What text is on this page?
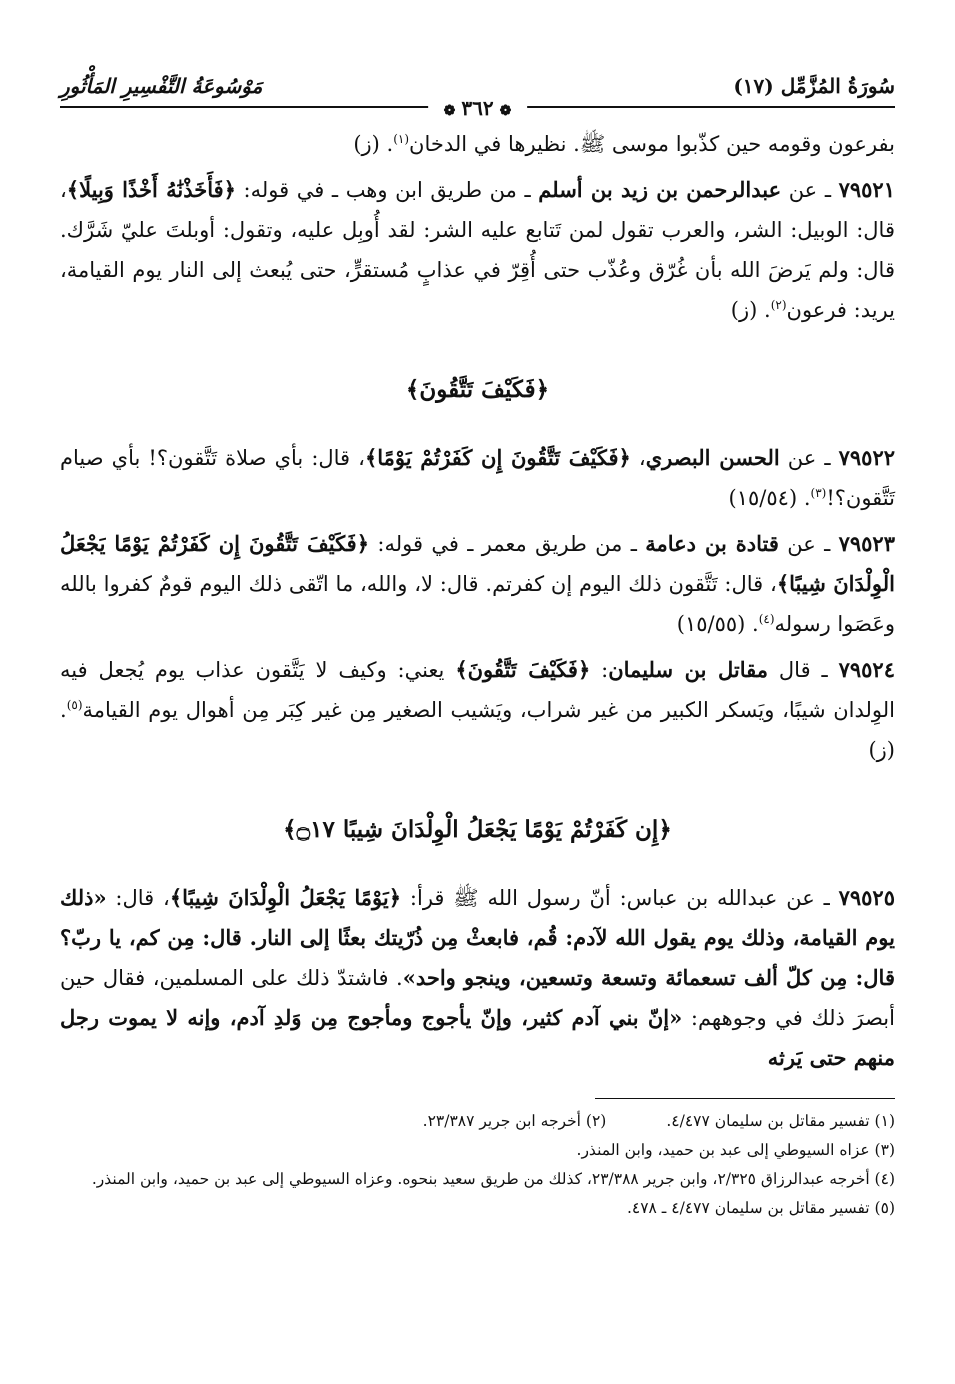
سُورَةُ المُزَّمِّل (١٧)
مَوْسُوعَةُ التَّفْسِيرِ المَأْثُورِ
❁٣٦٢❁

بفرعون وقومه حين كذّبوا موسى ﷺ. نظيرها في الدخان$^{(١)}$. (ز)

٧٩٥٢١ ـ عن عبدالرحمن بن زيد بن أسلم ـ من طريق ابن وهب ـ في قوله: ﴿فَأَخَذْنَٰهُ أَخْذًا وَبِيلًا﴾، قال: الوبيل: الشر، والعرب تقول لمن تَتابع عليه الشر: لقد أُوبِل عليه، وتقول: أوبلتَ عليّ شَرَّك. قال: ولم يَرضَ الله بأن غُرّق وعُذّب حتى أُقِرّ في عذابٍ مُستقرٍّ، حتى يُبعث إلى النار يوم القيامة، يريد: فرعون$^{(٢)}$. (ز)

﴿فَكَيْفَ تَتَّقُونَ﴾

٧٩٥٢٢ ـ عن الحسن البصري، ﴿فَكَيْفَ تَتَّقُونَ إِن كَفَرْتُمْ يَوْمًا﴾، قال: بأي صلاة تَتَّقون؟! بأي صيام تَتَّقون؟!$^{(٣)}$. (١٥/٥٤)

٧٩٥٢٣ ـ عن قتادة بن دعامة ـ من طريق معمر ـ في قوله: ﴿فَكَيْفَ تَتَّقُونَ إِن كَفَرْتُمْ يَوْمًا يَجْعَلُ الْوِلْدَانَ شِيبًا﴾، قال: تَتَّقون ذلك اليوم إن كفرتم. قال: لا، والله، ما اتّقى ذلك اليوم قومٌ كفروا بالله وعَصَوا رسوله$^{(٤)}$. (١٥/٥٥)

٧٩٥٢٤ ـ قال مقاتل بن سليمان: ﴿فَكَيْفَ تَتَّقُونَ﴾ يعني: وكيف لا يَتَّقون عذاب يوم يُجعل فيه الوِلدان شيبًا، ويَسكر الكبير من غير شراب، ويَشيب الصغير مِن غير كِبَر مِن أهوال يوم القيامة$^{(٥)}$. (ز)

﴿إِن كَفَرْتُمْ يَوْمًا يَجْعَلُ الْوِلْدَانَ شِيبًا ۝١٧﴾

٧٩٥٢٥ ـ عن عبدالله بن عباس: أنّ رسول الله ﷺ قرأ: ﴿يَوْمًا يَجْعَلُ الْوِلْدَانَ شِيبًا﴾، قال: «ذلك يوم القيامة، وذلك يوم يقول الله لآدم: قُم، فابعثْ مِن ذُرّيتك بعثًا إلى النار. قال: مِن كم، يا ربّ؟ قال: مِن كلّ ألف تسعمائة وتسعة وتسعين، وينجو واحد». فاشتدّ ذلك على المسلمين، فقال حين أبصرَ ذلك في وجوههم: «إنّ بني آدم كثير، وإنّ يأجوج ومأجوج مِن وَلدِ آدم، وإنه لا يموت رجل منهم حتى يَرثه

(١) تفسير مقاتل بن سليمان ٤/٤٧٧.
(٢) أخرجه ابن جرير ٢٣/٣٨٧.
(٣) عزاه السيوطي إلى عبد بن حميد، وابن المنذر.
(٤) أخرجه عبدالرزاق ٢/٣٢٥، وابن جرير ٢٣/٣٨٨، كذلك من طريق سعيد بنحوه. وعزاه السيوطي إلى عبد بن حميد، وابن المنذر.
(٥) تفسير مقاتل بن سليمان ٤/٤٧٧ ـ ٤٧٨.
